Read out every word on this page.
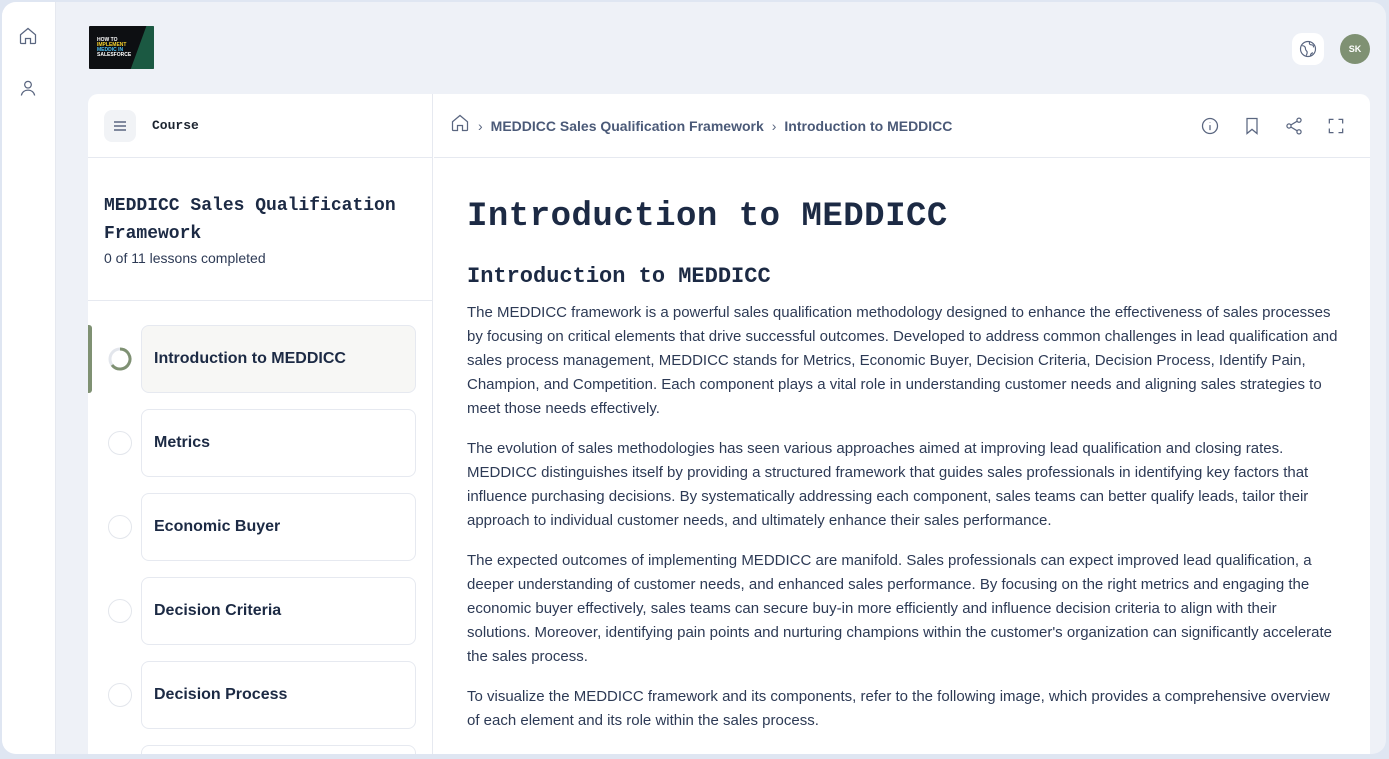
HOW TO
IMPLEMENT
MEDDIC IN
SALESFORCE
SK
Course
MEDDICC Sales Qualification Framework
0 of 11 lessons completed
Introduction to MEDDICC
Metrics
Economic Buyer
Decision Criteria
Decision Process
› MEDDICC Sales Qualification Framework › Introduction to MEDDICC
Introduction to MEDDICC
Introduction to MEDDICC

The MEDDICC framework is a powerful sales qualification methodology designed to enhance the effectiveness of sales processes by focusing on critical elements that drive successful outcomes. Developed to address common challenges in lead qualification and sales process management, MEDDICC stands for Metrics, Economic Buyer, Decision Criteria, Decision Process, Identify Pain, Champion, and Competition. Each component plays a vital role in understanding customer needs and aligning sales strategies to meet those needs effectively.

The evolution of sales methodologies has seen various approaches aimed at improving lead qualification and closing rates. MEDDICC distinguishes itself by providing a structured framework that guides sales professionals in identifying key factors that influence purchasing decisions. By systematically addressing each component, sales teams can better qualify leads, tailor their approach to individual customer needs, and ultimately enhance their sales performance.

The expected outcomes of implementing MEDDICC are manifold. Sales professionals can expect improved lead qualification, a deeper understanding of customer needs, and enhanced sales performance. By focusing on the right metrics and engaging the economic buyer effectively, sales teams can secure buy-in more efficiently and influence decision criteria to align with their solutions. Moreover, identifying pain points and nurturing champions within the customer's organization can significantly accelerate the sales process.

To visualize the MEDDICC framework and its components, refer to the following image, which provides a comprehensive overview of each element and its role within the sales process.
